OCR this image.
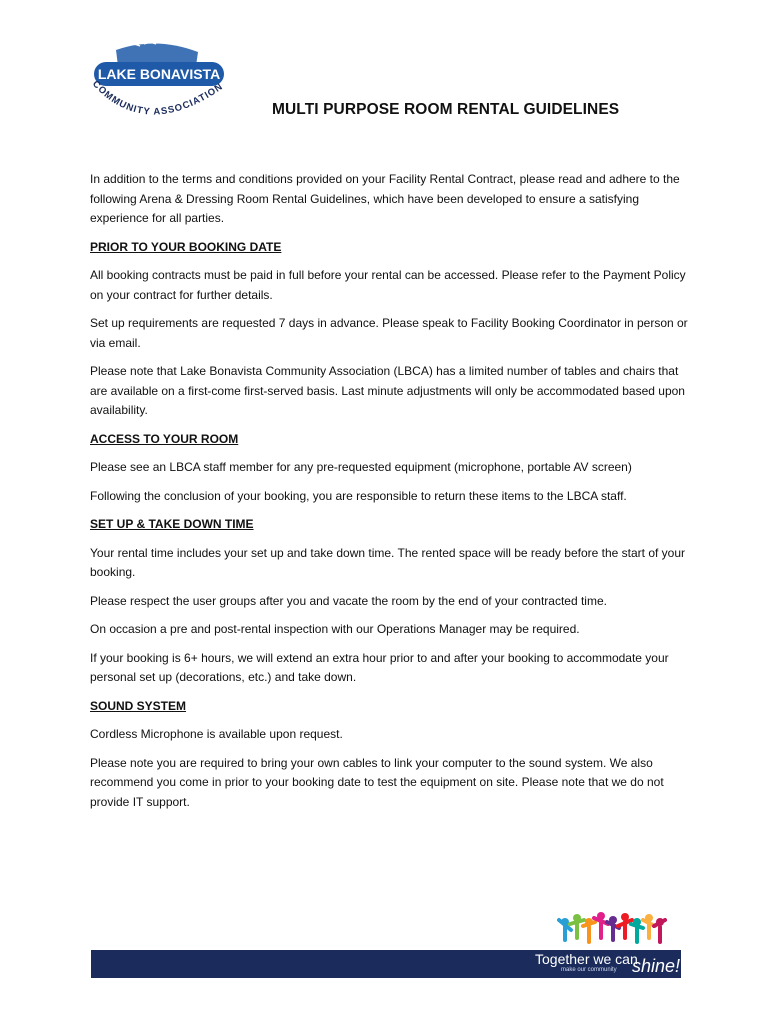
LAKE BONAVISTA
COMMUNITY ASSOCIATION
MULTI PURPOSE ROOM RENTAL GUIDELINES

In addition to the terms and conditions provided on your Facility Rental Contract, please read and adhere to the following Arena & Dressing Room Rental Guidelines, which have been developed to ensure a satisfying experience for all parties.

PRIOR TO YOUR BOOKING DATE

All booking contracts must be paid in full before your rental can be accessed. Please refer to the Payment Policy on your contract for further details.

Set up requirements are requested 7 days in advance. Please speak to Facility Booking Coordinator in person or via email.

Please note that Lake Bonavista Community Association (LBCA) has a limited number of tables and chairs that are available on a first-come first-served basis. Last minute adjustments will only be accommodated based upon availability.

ACCESS TO YOUR ROOM

Please see an LBCA staff member for any pre-requested equipment (microphone, portable AV screen)

Following the conclusion of your booking, you are responsible to return these items to the LBCA staff.

SET UP & TAKE DOWN TIME

Your rental time includes your set up and take down time. The rented space will be ready before the start of your booking.

Please respect the user groups after you and vacate the room by the end of your contracted time.

On occasion a pre and post-rental inspection with our Operations Manager may be required.

If your booking is 6+ hours, we will extend an extra hour prior to and after your booking to accommodate your personal set up (decorations, etc.) and take down.

SOUND SYSTEM

Cordless Microphone is available upon request.

Please note you are required to bring your own cables to link your computer to the sound system. We also recommend you come in prior to your booking date to test the equipment on site. Please note that we do not provide IT support.

Together we can
make our community shine!
